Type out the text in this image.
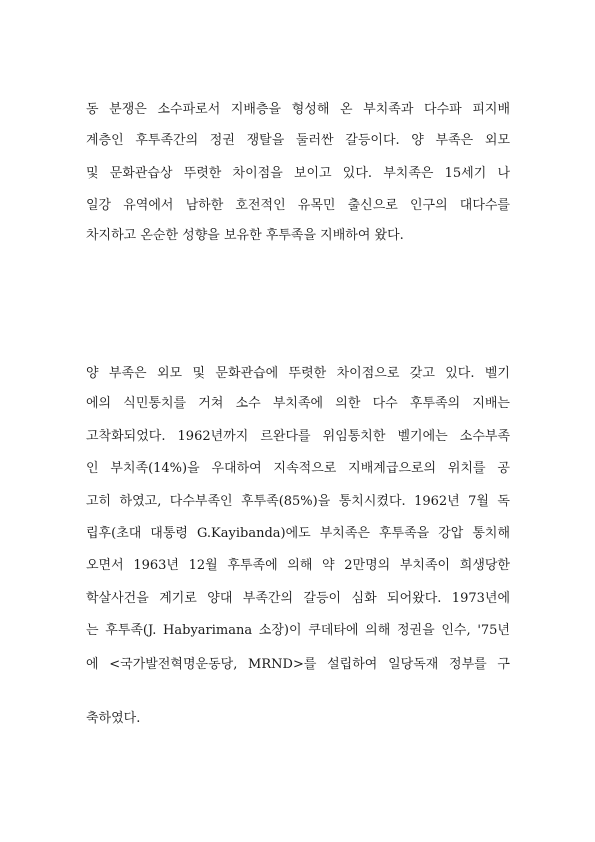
동 분쟁은 소수파로서 지배층을 형성해 온 부치족과 다수파 피지배
계층인 후투족간의 정권 쟁탈을 둘러싼 갈등이다. 양 부족은 외모
및 문화관습상 뚜렷한 차이점을 보이고 있다. 부치족은 15세기 나
일강 유역에서 남하한 호전적인 유목민 출신으로 인구의 대다수를
차지하고 온순한 성향을 보유한 후투족을 지배하여 왔다.
양 부족은 외모 및 문화관습에 뚜렷한 차이점으로 갖고 있다. 벨기
에의 식민통치를 거쳐 소수 부치족에 의한 다수 후투족의 지배는
고착화되었다. 1962년까지 르완다를 위임통치한 벨기에는 소수부족
인 부치족(14%)을 우대하여 지속적으로 지배계급으로의 위치를 공
고히 하였고, 다수부족인 후투족(85%)을 통치시켰다. 1962년 7월 독
립후(초대 대통령 G.Kayibanda)에도 부치족은 후투족을 강압 통치해
오면서 1963년 12월 후투족에 의해 약 2만명의 부치족이 희생당한
학살사건을 계기로 양대 부족간의 갈등이 심화 되어왔다. 1973년에
는 후투족(J. Habyarimana 소장)이 쿠데타에 의해 정권을 인수, '75년
에 <국가발전혁명운동당, MRND>를 설립하여 일당독재 정부를 구
축하였다.
